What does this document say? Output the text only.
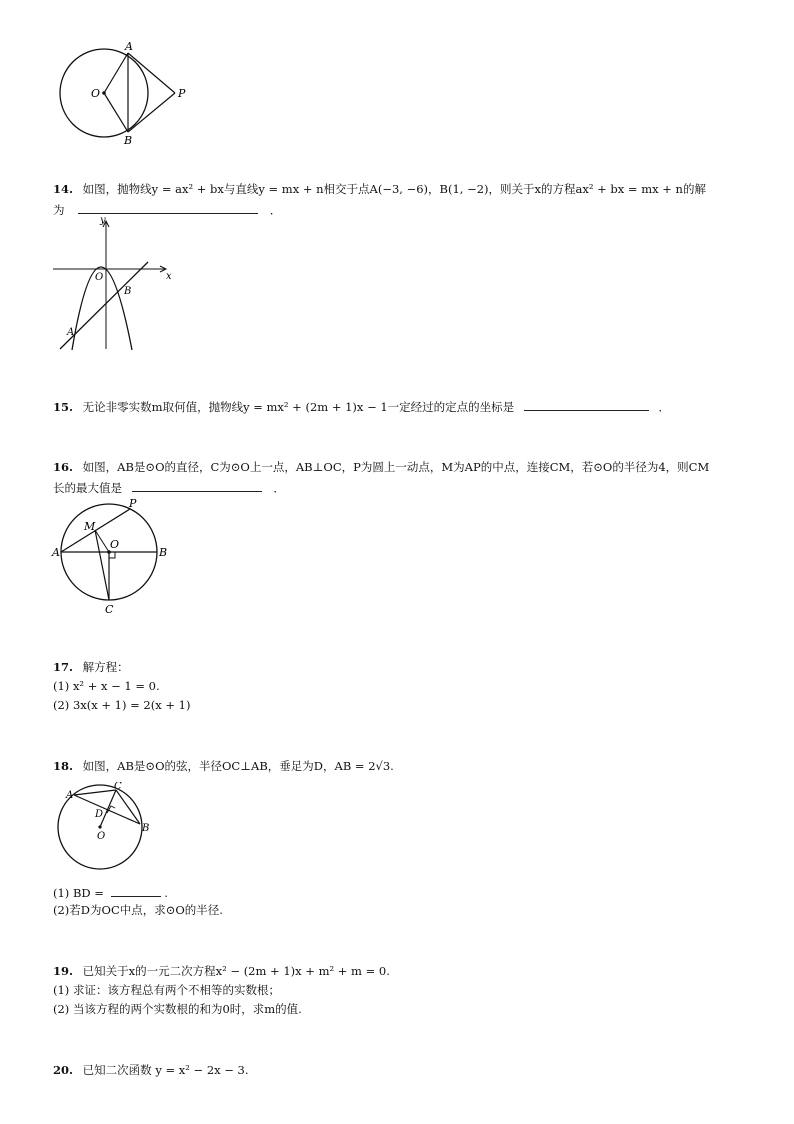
A
B
O	P
14. 如图，抛物线y = ax² + bx与直线y = mx + n相交于点A(−3, −6)，B(1, −2)，则关于x的方程ax² + bx = mx + n的解
为	．
y
x
O
B
A
15. 无论非零实数m取何值，抛物线y = mx² + (2m + 1)x − 1一定经过的定点的坐标是	．
16. 如图，AB是⊙O的直径，C为⊙O上一点，AB⊥OC，P为圆上一动点，M为AP的中点，连接CM，若⊙O的半径为4，则CM
长的最大值是	．
A	B
O
M
P
C
17. 解方程：
(1) x² + x − 1 = 0.
(2) 3x(x + 1) = 2(x + 1)
18. 如图，AB是⊙O的弦，半径OC⊥AB，垂足为D，AB = 2√3.
A
C
B
D
O
(1) BD =	.
(2)若D为OC中点，求⊙O的半径.
19. 已知关于x的一元二次方程x² − (2m + 1)x + m² + m = 0.
(1) 求证：该方程总有两个不相等的实数根；
(2) 当该方程的两个实数根的和为0时，求m的值.
20. 已知二次函数 y = x² − 2x − 3.
